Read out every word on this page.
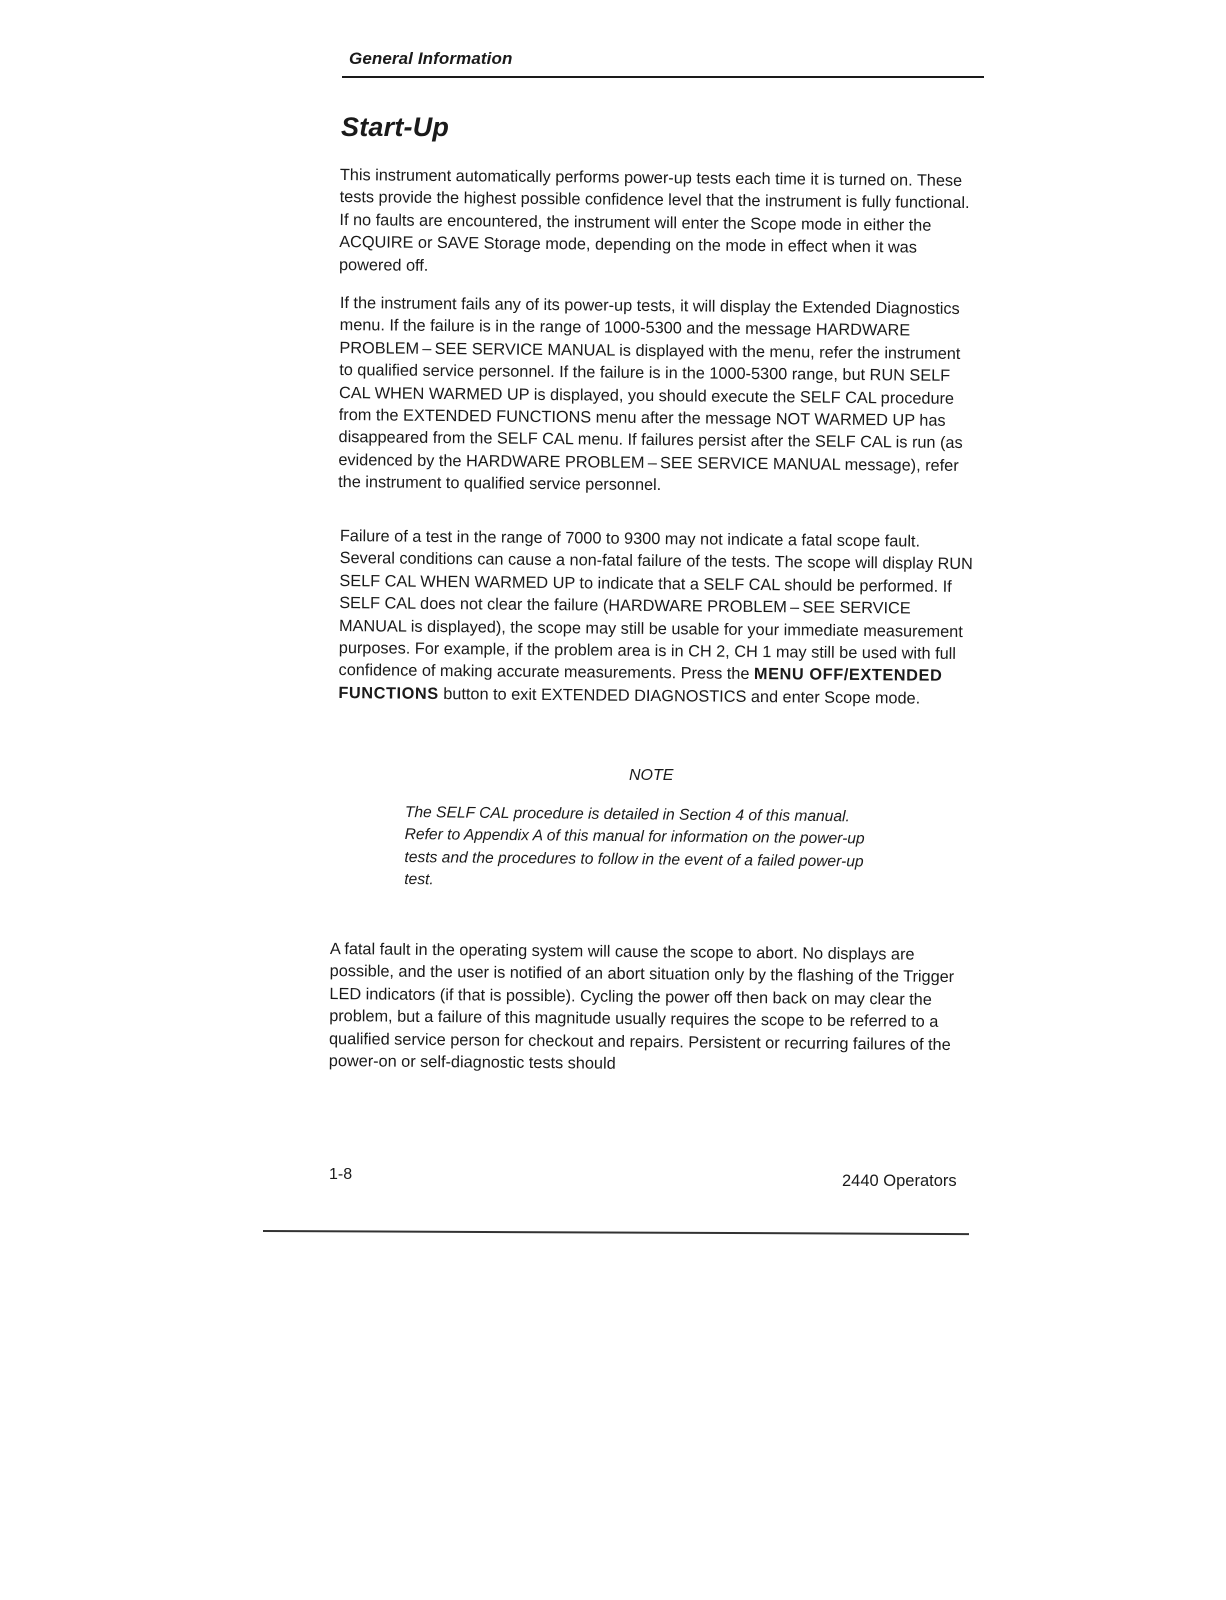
General Information
Start-Up

This instrument automatically performs power-up tests each time it is turned on. These tests provide the highest possible confidence level that the instrument is fully functional. If no faults are encountered, the instrument will enter the Scope mode in either the ACQUIRE or SAVE Storage mode, depending on the mode in effect when it was powered off.

If the instrument fails any of its power-up tests, it will display the Extended Diagnostics menu. If the failure is in the range of 1000-5300 and the message HARDWARE PROBLEM – SEE SERVICE MANUAL is displayed with the menu, refer the instrument to qualified service personnel. If the failure is in the 1000-5300 range, but RUN SELF CAL WHEN WARMED UP is displayed, you should execute the SELF CAL procedure from the EXTENDED FUNCTIONS menu after the message NOT WARMED UP has disappeared from the SELF CAL menu. If failures persist after the SELF CAL is run (as evidenced by the HARDWARE PROBLEM – SEE SERVICE MANUAL message), refer the instrument to qualified service personnel.

Failure of a test in the range of 7000 to 9300 may not indicate a fatal scope fault. Several conditions can cause a non-fatal failure of the tests. The scope will display RUN SELF CAL WHEN WARMED UP to indicate that a SELF CAL should be performed. If SELF CAL does not clear the failure (HARDWARE PROBLEM – SEE SERVICE MANUAL is displayed), the scope may still be usable for your immediate measurement purposes. For example, if the problem area is in CH 2, CH 1 may still be used with full confidence of making accurate measurements. Press the MENU OFF/EXTENDED FUNCTIONS button to exit EXTENDED DIAGNOSTICS and enter Scope mode.

NOTE

The SELF CAL procedure is detailed in Section 4 of this manual. Refer to Appendix A of this manual for information on the power-up tests and the procedures to follow in the event of a failed power-up test.

A fatal fault in the operating system will cause the scope to abort. No displays are possible, and the user is notified of an abort situation only by the flashing of the Trigger LED indicators (if that is possible). Cycling the power off then back on may clear the problem, but a failure of this magnitude usually requires the scope to be referred to a qualified service person for checkout and repairs. Persistent or recurring failures of the power-on or self-diagnostic tests should

1-8	2440 Operators
